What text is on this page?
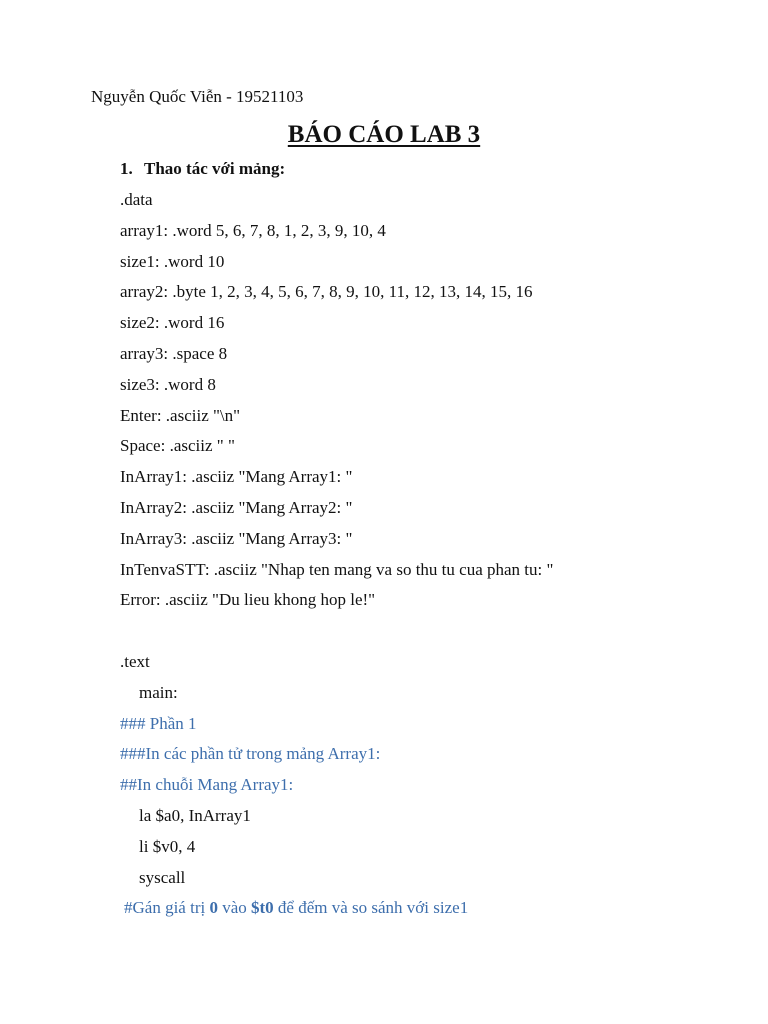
Nguyễn Quốc Viễn - 19521103
BÁO CÁO LAB 3
1. Thao tác với mảng:
.data
array1: .word 5, 6, 7, 8, 1, 2, 3, 9, 10, 4
size1: .word 10
array2: .byte 1, 2, 3, 4, 5, 6, 7, 8, 9, 10, 11, 12, 13, 14, 15, 16
size2: .word 16
array3: .space 8
size3: .word 8
Enter: .asciiz "\n"
Space: .asciiz " "
InArray1: .asciiz "Mang Array1: "
InArray2: .asciiz "Mang Array2: "
InArray3: .asciiz "Mang Array3: "
InTenvaSTT: .asciiz "Nhap ten mang va so thu tu cua phan tu: "
Error: .asciiz "Du lieu khong hop le!"
.text
main:
### Phần 1
###In các phần tử trong mảng Array1:
##In chuỗi Mang Array1:
la $a0, InArray1
li $v0, 4
syscall
#Gán giá trị 0 vào $t0 để đếm và so sánh với size1
